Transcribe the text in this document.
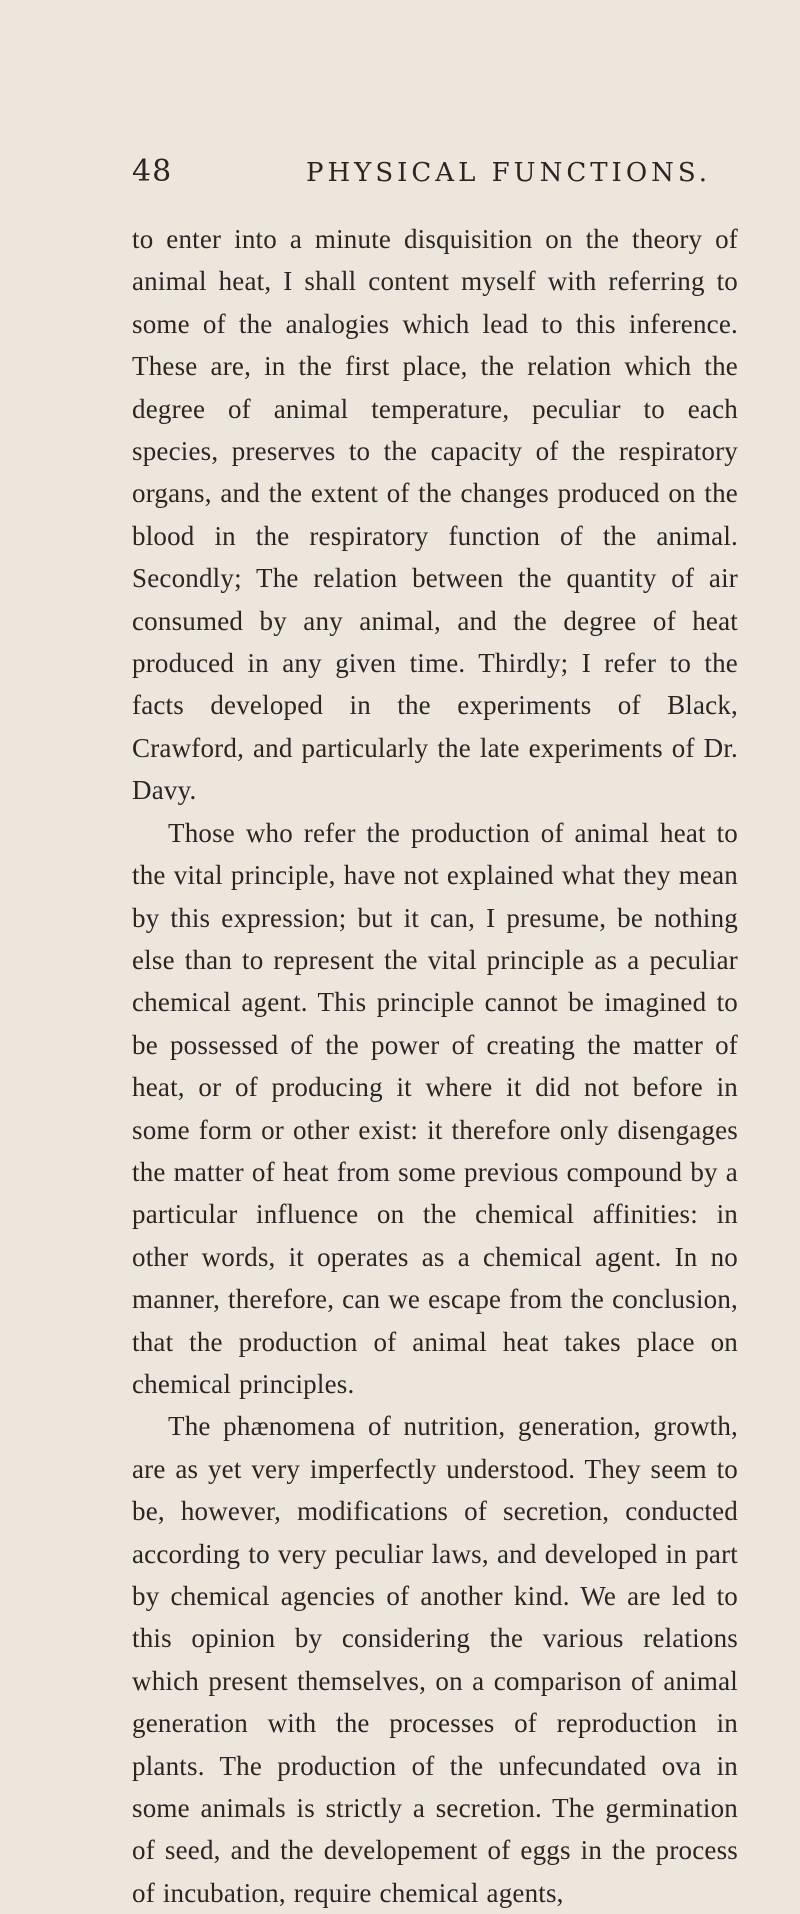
48	PHYSICAL FUNCTIONS.

to enter into a minute disquisition on the theory of animal heat, I shall content myself with referring to some of the analogies which lead to this inference. These are, in the first place, the relation which the degree of animal temperature, peculiar to each species, preserves to the capacity of the respiratory organs, and the extent of the changes produced on the blood in the respiratory function of the animal. Secondly; The relation between the quantity of air consumed by any animal, and the degree of heat produced in any given time. Thirdly; I refer to the facts developed in the experiments of Black, Crawford, and particularly the late experiments of Dr. Davy.

Those who refer the production of animal heat to the vital principle, have not explained what they mean by this expression; but it can, I presume, be nothing else than to represent the vital principle as a peculiar chemical agent. This principle cannot be imagined to be possessed of the power of creating the matter of heat, or of producing it where it did not before in some form or other exist: it therefore only disengages the matter of heat from some previous compound by a particular influence on the chemical affinities: in other words, it operates as a chemical agent. In no manner, therefore, can we escape from the conclusion, that the production of animal heat takes place on chemical principles.

The phænomena of nutrition, generation, growth, are as yet very imperfectly understood. They seem to be, however, modifications of secretion, conducted according to very peculiar laws, and developed in part by chemical agencies of another kind. We are led to this opinion by considering the various relations which present themselves, on a comparison of animal generation with the processes of reproduction in plants. The production of the unfecundated ova in some animals is strictly a secretion. The germination of seed, and the developement of eggs in the process of incubation, require chemical agents,
